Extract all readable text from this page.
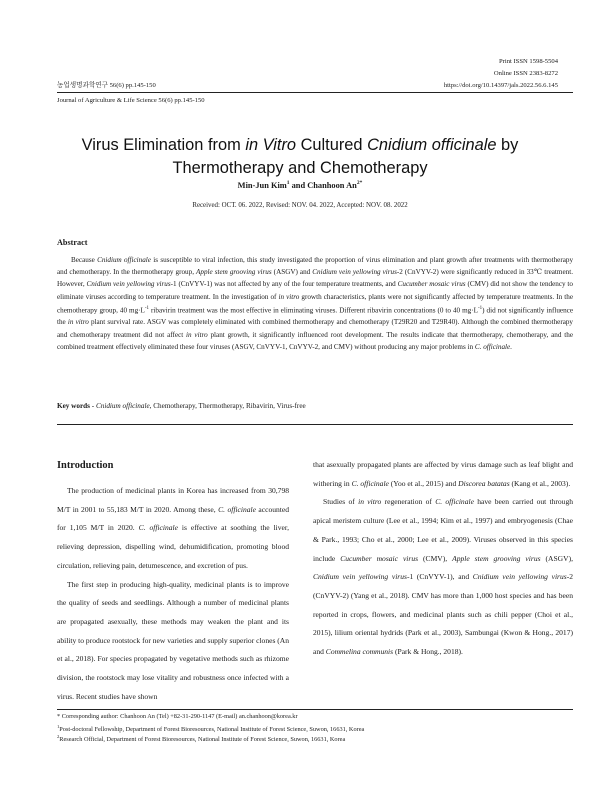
Print ISSN 1598-5504
Online ISSN 2383-8272
농업생명과학연구 56(6) pp.145-150	https://doi.org/10.14397/jals.2022.56.6.145
Journal of Agriculture & Life Science 56(6) pp.145-150
Virus Elimination from in Vitro Cultured Cnidium officinale by
Thermotherapy and Chemotherapy
Min-Jun Kim$^1$ and Chanhoon $An^{2*}$
Received: OCT. 06. 2022, Revised: NOV. 04. 2022, Accepted: NOV. 08. 2022
Abstract
Because Cnidium officinale is susceptible to viral infection, this study investigated the proportion of virus elimination and plant growth after treatments with thermotherapy and chemotherapy. In the thermotherapy group, Apple stem grooving virus (ASGV) and Cnidium vein yellowing virus-2 (CnVYV-2) were significantly reduced in 33℃ treatment. However, Cnidium vein yellowing virus-1 (CnVYV-1) was not affected by any of the four temperature treatments, and Cucumber mosaic virus (CMV) did not show the tendency to eliminate viruses according to temperature treatment. In the investigation of in vitro growth characteristics, plants were not significantly affected by temperature treatments. In the chemotherapy group, 40 $mg\cdot L^{-1}$ ribavirin treatment was the most effective in eliminating viruses. Different ribavirin concentrations (0 to 40 $mg\cdot L^{-1}$) did not significantly influence the in vitro plant survival rate. ASGV was completely eliminated with combined thermotherapy and chemotherapy (T29R20 and T29R40). Although the combined thermotherapy and chemotherapy treatment did not affect in vitro plant growth, it significantly influenced root development. The results indicate that thermotherapy, chemotherapy, and the combined treatment effectively eliminated these four viruses (ASGV, CnVYV-1, CnVYV-2, and CMV) without producing any major problems in C. officinale.
Key words - Cnidium officinale, Chemotherapy, Thermotherapy, Ribavirin, Virus-free
Introduction

The production of medicinal plants in Korea has increased from 30,798 M/T in 2001 to 55,183 M/T in 2020. Among these, C. officinale accounted for 1,105 M/T in 2020. C. officinale is effective at soothing the liver, relieving depression, dispelling wind, dehumidification, promoting blood circulation, relieving pain, detumescence, and excretion of pus.

The first step in producing high-quality, medicinal plants is to improve the quality of seeds and seedlings. Although a number of medicinal plants are propagated asexually, these methods may weaken the plant and its ability to produce rootstock for new varieties and supply superior clones (An et al., 2018). For species propagated by vegetative methods such as rhizome division, the rootstock may lose vitality and robustness once infected with a virus. Recent studies have shown

that asexually propagated plants are affected by virus damage such as leaf blight and withering in C. officinale (Yoo et al., 2015) and Discorea batatas (Kang et al., 2003).

Studies of in vitro regeneration of C. officinale have been carried out through apical meristem culture (Lee et al., 1994; Kim et al., 1997) and embryogenesis (Chae & Park., 1993; Cho et al., 2000; Lee et al., 2009). Viruses observed in this species include Cucumber mosaic virus (CMV), Apple stem grooving virus (ASGV), Cnidium vein yellowing virus-1 (CnVYV-1), and Cnidium vein yellowing virus-2 (CnVYV-2) (Yang et al., 2018). CMV has more than 1,000 host species and has been reported in crops, flowers, and medicinal plants such as chili pepper (Choi et al., 2015), lilium oriental hydrids (Park et al., 2003), Sambungai (Kwon & Hong., 2017) and Commelina communis (Park & Hong., 2018).

* Corresponding author: Chanhoon An (Tel) +82-31-290-1147 (E-mail) an.chanhoon@korea.kr
$^1$Post-doctoral Fellowship, Department of Forest Bioresources, National Institute of Forest Science, Suwon, 16631, Korea
$^2$Research Official, Department of Forest Bioresources, National Institute of Forest Science, Suwon, 16631, Korea
